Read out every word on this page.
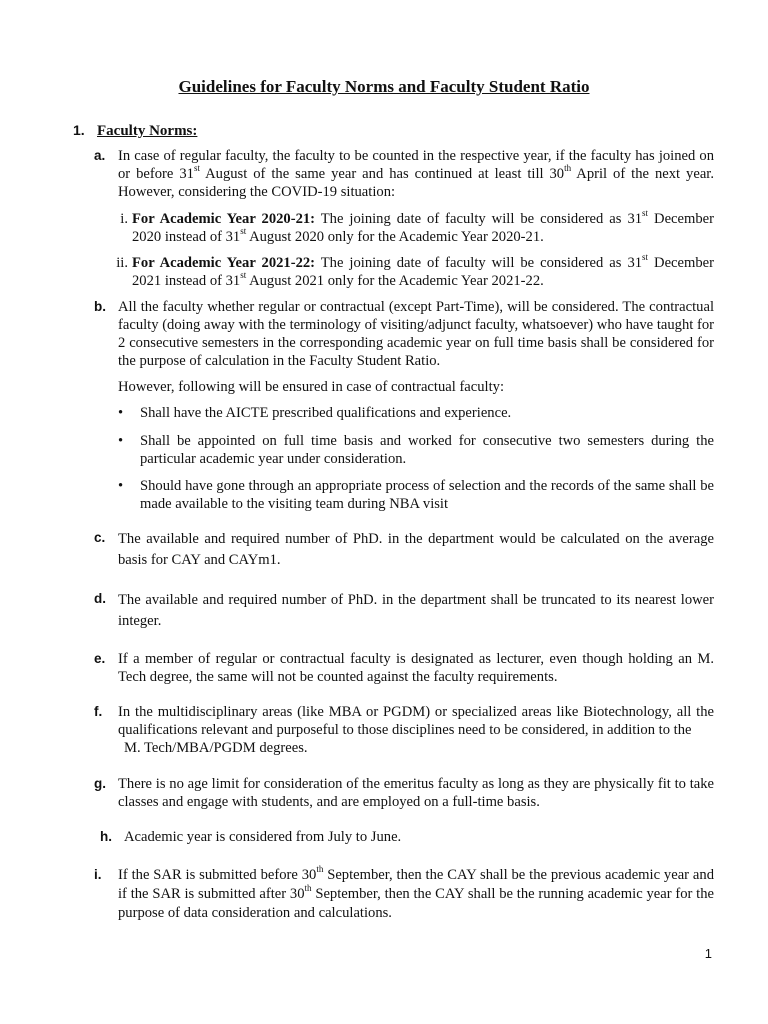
Guidelines for Faculty Norms and Faculty Student Ratio
1. Faculty Norms:
a. In case of regular faculty, the faculty to be counted in the respective year, if the faculty has joined on or before 31st August of the same year and has continued at least till 30th April of the next year. However, considering the COVID-19 situation:
i. For Academic Year 2020-21: The joining date of faculty will be considered as 31st December 2020 instead of 31st August 2020 only for the Academic Year 2020-21.
ii. For Academic Year 2021-22: The joining date of faculty will be considered as 31st December 2021 instead of 31st August 2021 only for the Academic Year 2021-22.
b. All the faculty whether regular or contractual (except Part-Time), will be considered. The contractual faculty (doing away with the terminology of visiting/adjunct faculty, whatsoever) who have taught for 2 consecutive semesters in the corresponding academic year on full time basis shall be considered for the purpose of calculation in the Faculty Student Ratio.
However, following will be ensured in case of contractual faculty:
• Shall have the AICTE prescribed qualifications and experience.
• Shall be appointed on full time basis and worked for consecutive two semesters during the particular academic year under consideration.
• Should have gone through an appropriate process of selection and the records of the same shall be made available to the visiting team during NBA visit
c. The available and required number of PhD. in the department would be calculated on the average basis for CAY and CAYm1.
d. The available and required number of PhD. in the department shall be truncated to its nearest lower integer.
e. If a member of regular or contractual faculty is designated as lecturer, even though holding an M. Tech degree, the same will not be counted against the faculty requirements.
f. In the multidisciplinary areas (like MBA or PGDM) or specialized areas like Biotechnology, all the qualifications relevant and purposeful to those disciplines need to be considered, in addition to the
M. Tech/MBA/PGDM degrees.
g. There is no age limit for consideration of the emeritus faculty as long as they are physically fit to take classes and engage with students, and are employed on a full-time basis.
h. Academic year is considered from July to June.
i. If the SAR is submitted before 30th September, then the CAY shall be the previous academic year and if the SAR is submitted after 30th September, then the CAY shall be the running academic year for the purpose of data consideration and calculations.
1
